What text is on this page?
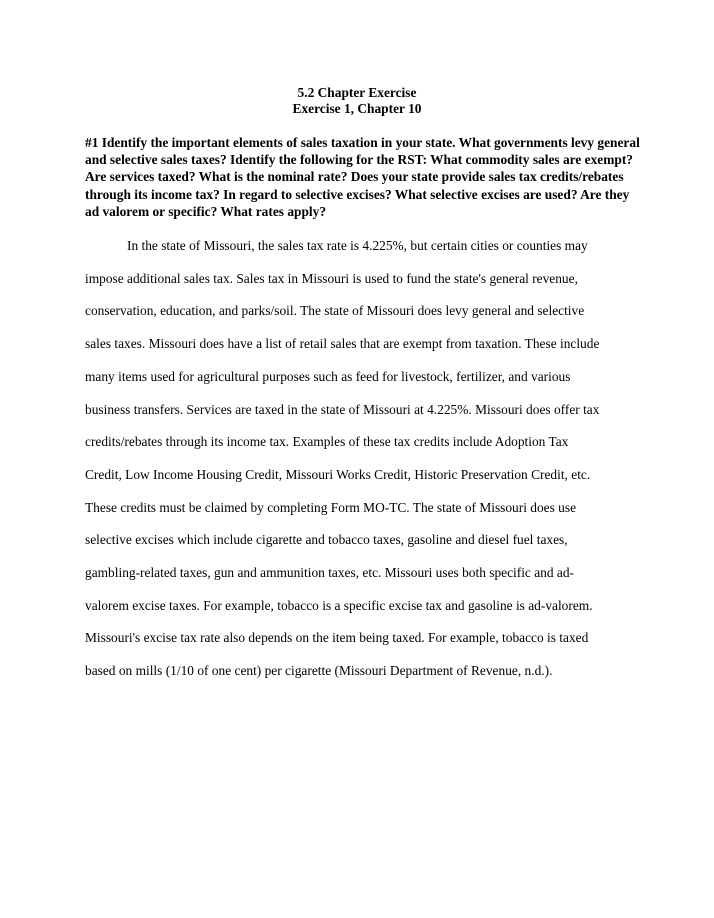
5.2 Chapter Exercise
Exercise 1, Chapter 10

#1 Identify the important elements of sales taxation in your state. What governments levy general and selective sales taxes? Identify the following for the RST: What commodity sales are exempt? Are services taxed? What is the nominal rate? Does your state provide sales tax credits/rebates through its income tax? In regard to selective excises? What selective excises are used? Are they ad valorem or specific? What rates apply?

In the state of Missouri, the sales tax rate is 4.225%, but certain cities or counties may
impose additional sales tax. Sales tax in Missouri is used to fund the state's general revenue,
conservation, education, and parks/soil. The state of Missouri does levy general and selective
sales taxes. Missouri does have a list of retail sales that are exempt from taxation. These include
many items used for agricultural purposes such as feed for livestock, fertilizer, and various
business transfers. Services are taxed in the state of Missouri at 4.225%. Missouri does offer tax
credits/rebates through its income tax. Examples of these tax credits include Adoption Tax
Credit, Low Income Housing Credit, Missouri Works Credit, Historic Preservation Credit, etc.
These credits must be claimed by completing Form MO-TC. The state of Missouri does use
selective excises which include cigarette and tobacco taxes, gasoline and diesel fuel taxes,
gambling-related taxes, gun and ammunition taxes, etc. Missouri uses both specific and ad-
valorem excise taxes. For example, tobacco is a specific excise tax and gasoline is ad-valorem.
Missouri's excise tax rate also depends on the item being taxed. For example, tobacco is taxed
based on mills (1/10 of one cent) per cigarette (Missouri Department of Revenue, n.d.).
